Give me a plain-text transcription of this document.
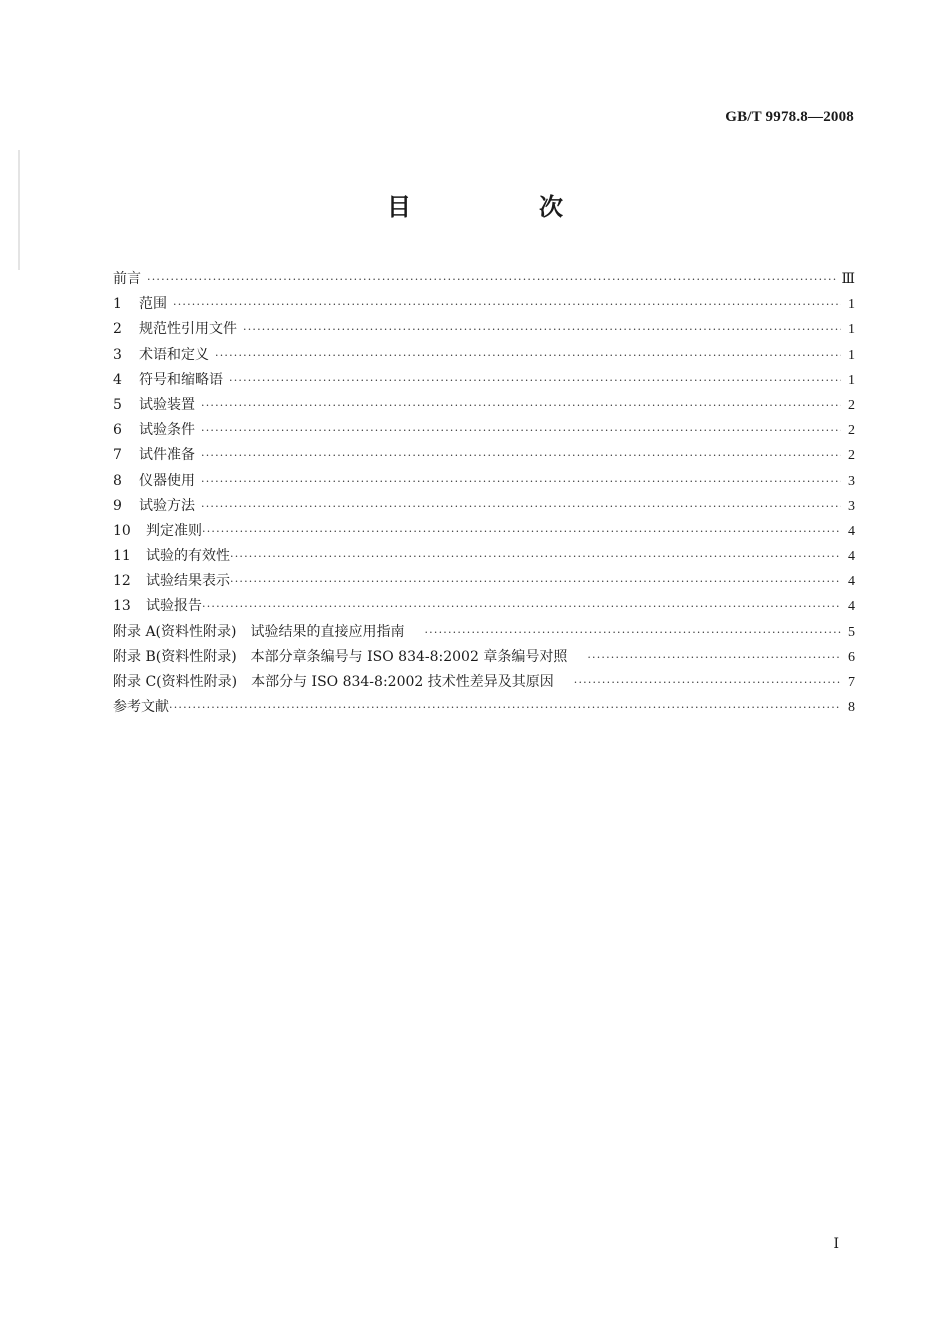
GB/T 9978.8—2008
目　次
前言 ·····	Ⅲ
1	范围 ·····	1
2	规范性引用文件 ·····	1
3	术语和定义 ·····	1
4	符号和缩略语 ·····	1
5	试验装置 ·····	2
6	试验条件 ·····	2
7	试件准备 ·····	2
8	仪器使用 ·····	3
9	试验方法 ·····	3
10	判定准则 ·····	4
11	试验的有效性 ·····	4
12	试验结果表示 ·····	4
13	试验报告 ·····	4
附录 A(资料性附录)　试验结果的直接应用指南 ·····	5
附录 B(资料性附录)　本部分章条编号与 ISO 834-8:2002 章条编号对照 ·····	6
附录 C(资料性附录)　本部分与 ISO 834-8:2002 技术性差异及其原因 ·····	7
参考文献 ·····	8
Ⅰ
